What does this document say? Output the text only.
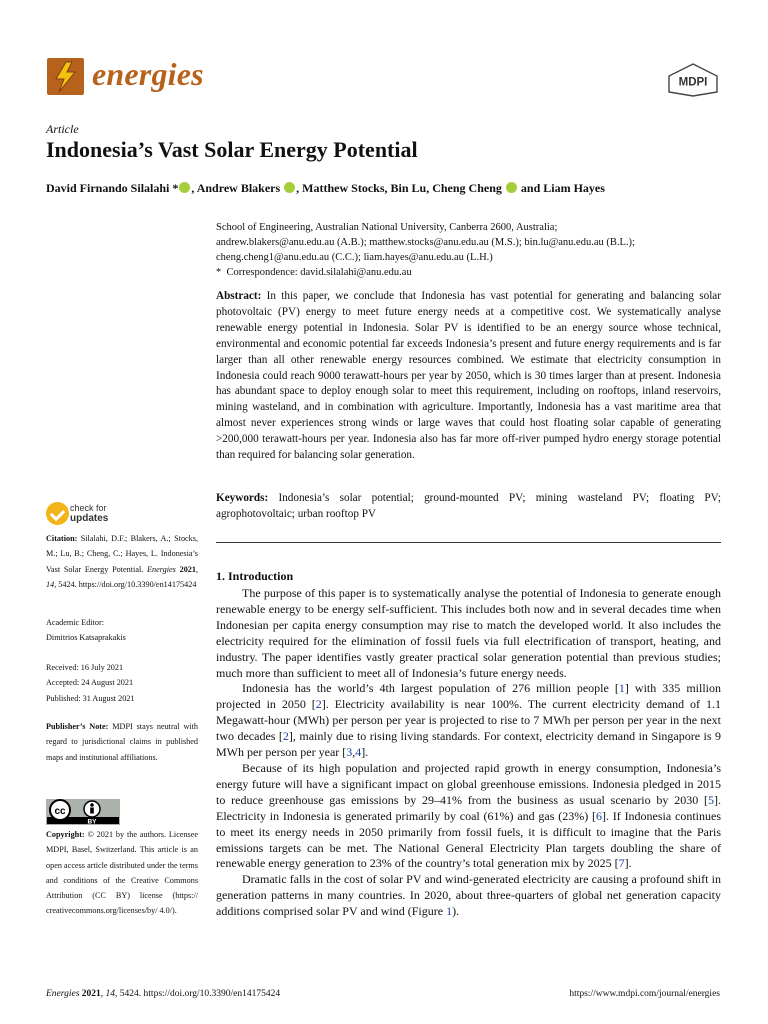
energies	MDPI
Article
Indonesia’s Vast Solar Energy Potential
David Firnando Silalahi * , Andrew Blakers , Matthew Stocks, Bin Lu, Cheng Cheng  and Liam Hayes
School of Engineering, Australian National University, Canberra 2600, Australia;
andrew.blakers@anu.edu.au (A.B.); matthew.stocks@anu.edu.au (M.S.); bin.lu@anu.edu.au (B.L.);
cheng.cheng1@anu.edu.au (C.C.); liam.hayes@anu.edu.au (L.H.)
* Correspondence: david.silalahi@anu.edu.au

Abstract: In this paper, we conclude that Indonesia has vast potential for generating and balancing solar photovoltaic (PV) energy to meet future energy needs at a competitive cost. We systematically analyse renewable energy potential in Indonesia. Solar PV is identified to be an energy source whose technical, environmental and economic potential far exceeds Indonesia’s present and future energy requirements and is far larger than all other renewable energy resources combined. We estimate that electricity consumption in Indonesia could reach 9000 terawatt-hours per year by 2050, which is 30 times larger than at present. Indonesia has abundant space to deploy enough solar to meet this requirement, including on rooftops, inland reservoirs, mining wasteland, and in combination with agriculture. Importantly, Indonesia has a vast maritime area that almost never experiences strong winds or large waves that could host floating solar capable of generating >200,000 terawatt-hours per year. Indonesia also has far more off-river pumped hydro energy storage potential than required for balancing solar generation.

Keywords: Indonesia’s solar potential; ground-mounted PV; mining wasteland PV; floating PV; agrophotovoltaic; urban rooftop PV

check for
updates
Citation: Silalahi, D.F.; Blakers, A.; Stocks, M.; Lu, B.; Cheng, C.; Hayes, L. Indonesia’s Vast Solar Energy Potential. Energies 2021, 14, 5424. https://doi.org/10.3390/en14175424
Academic Editor:
Dimitrios Katsaprakakis
Received: 16 July 2021
Accepted: 24 August 2021
Published: 31 August 2021
Publisher’s Note: MDPI stays neutral with regard to jurisdictional claims in published maps and institutional affiliations.
cc
BY
Copyright: © 2021 by the authors. Licensee MDPI, Basel, Switzerland. This article is an open access article distributed under the terms and conditions of the Creative Commons Attribution (CC BY) license (https:// creativecommons.org/licenses/by/ 4.0/).
1. Introduction

The purpose of this paper is to systematically analyse the potential of Indonesia to generate enough renewable energy to be energy self-sufficient. This includes both now and in several decades time when Indonesian per capita energy consumption may rise to match the developed world. It also includes the electricity required for the elimination of fossil fuels via full electrification of transport, heating, and industry. The paper identifies vastly greater practical solar generation potential than previous studies; much more than sufficient to meet all of Indonesia’s future energy needs.

Indonesia has the world’s 4th largest population of 276 million people [1] with 335 million projected in 2050 [2]. Electricity availability is near 100%. The current electricity demand of 1.1 Megawatt-hour (MWh) per person per year is projected to rise to 7 MWh per person per year in the next two decades [2], mainly due to rising living standards. For context, electricity demand in Singapore is 9 MWh per person per year [3,4].

Because of its high population and projected rapid growth in energy consumption, Indonesia’s energy future will have a significant impact on global greenhouse emissions. Indonesia pledged in 2015 to reduce greenhouse gas emissions by 29–41% from the business as usual scenario by 2030 [5]. Electricity in Indonesia is generated primarily by coal (61%) and gas (23%) [6]. If Indonesia continues to meet its energy needs in 2050 primarily from fossil fuels, it is difficult to imagine that the Paris emissions targets can be met. The National General Electricity Plan targets doubling the share of renewable energy generation to 23% of the country’s total generation mix by 2025 [7].

Dramatic falls in the cost of solar PV and wind-generated electricity are causing a profound shift in generation patterns in many countries. In 2020, about three-quarters of global net generation capacity additions comprised solar PV and wind (Figure 1).

Energies 2021, 14, 5424. https://doi.org/10.3390/en14175424	https://www.mdpi.com/journal/energies
